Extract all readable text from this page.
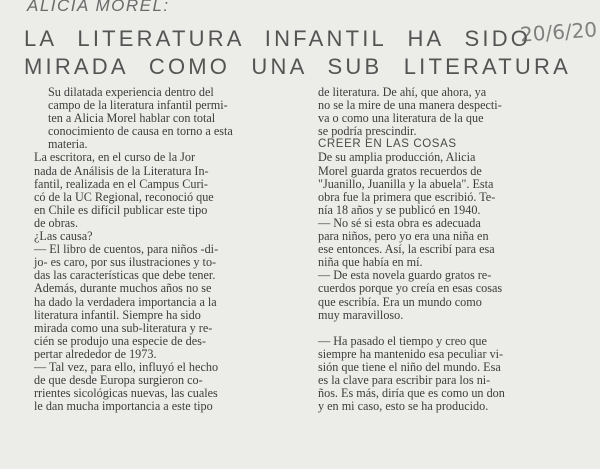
ALICIA MOREL:
20/6/20
LA LITERATURA INFANTIL HA SIDO
MIRADA COMO UNA SUB LITERATURA

Su dilatada experiencia dentro del
campo de la literatura infantil permi-
ten a Alicia Morel hablar con total
conocimiento de causa en torno a esta
materia.

La escritora, en el curso de la Jor
nada de Análisis de la Literatura In-
fantil, realizada en el Campus Curi-
có de la UC Regional, reconoció que
en Chile es difícil publicar este tipo
de obras.

¿Las causa?

— El libro de cuentos, para niños -di-
jo- es caro, por sus ilustraciones y to-
das las características que debe tener.
Además, durante muchos años no se
ha dado la verdadera importancia a la
literatura infantil. Siempre ha sido
mirada como una sub-literatura y re-
cién se produjo una especie de des-
pertar alrededor de 1973.

— Tal vez, para ello, influyó el hecho
de que desde Europa surgieron co-
rrientes sicológicas nuevas, las cuales
le dan mucha importancia a este tipo

de literatura. De ahí, que ahora, ya
no se la mire de una manera despecti-
va o como una literatura de la que
se podría prescindir.

CREER EN LAS COSAS

De su amplia producción, Alicia
Morel guarda gratos recuerdos de
"Juanillo, Juanilla y la abuela". Esta
obra fue la primera que escribió. Te-
nía 18 años y se publicó en 1940.

— No sé si esta obra es adecuada
para niños, pero yo era una niña en
ese entonces. Así, la escribí para esa
niña que había en mí.

— De esta novela guardo gratos re-
cuerdos porque yo creía en esas cosas
que escribía. Era un mundo como
muy maravilloso.

— Ha pasado el tiempo y creo que
siempre ha mantenido esa peculiar vi-
sión que tiene el niño del mundo. Esa
es la clave para escribir para los ni-
ños. Es más, diría que es como un don
y en mi caso, esto se ha producido.
